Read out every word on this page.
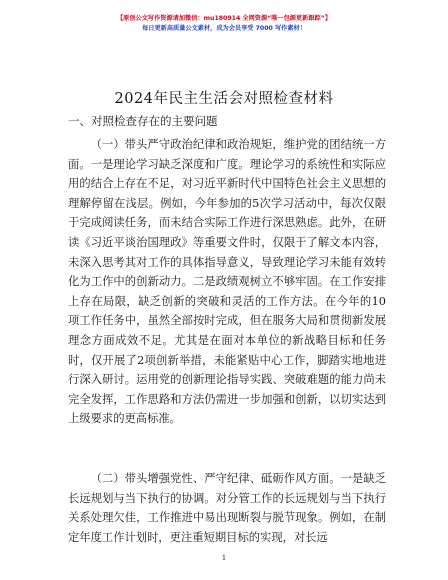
【原创公文写作资源请加微信：mu180914 全网资源“唯一包源更新跟踪”】
每日更新高质量公文素材，成为会员享受 7000 写作素材！
2024年民主生活会对照检查材料
一、对照检查存在的主要问题

（一）带头严守政治纪律和政治规矩，维护党的团结统一方面。一是理论学习缺乏深度和广度。理论学习的系统性和实际应用的结合上存在不足，对习近平新时代中国特色社会主义思想的理解停留在浅层。例如，今年参加的5次学习活动中，每次仅限于完成阅读任务，而未结合实际工作进行深思熟虑。此外，在研读《习近平谈治国理政》等重要文件时，仅限于了解文本内容，未深入思考其对工作的具体指导意义，导致理论学习未能有效转化为工作中的创新动力。二是政绩观树立不够牢固。在工作安排上存在局限，缺乏创新的突破和灵活的工作方法。在今年的10项工作任务中，虽然全部按时完成，但在服务大局和贯彻新发展理念方面成效不足。尤其是在面对本单位的新战略目标和任务时，仅开展了2项创新举措，未能紧贴中心工作，脚踏实地地进行深入研讨。运用党的创新理论指导实践、突破难题的能力尚未完全发挥，工作思路和方法仍需进一步加强和创新，以切实达到上级要求的更高标准。

（二）带头增强党性、严守纪律、砥砺作风方面。一是缺乏长远规划与当下执行的协调。对分管工作的长远规划与当下执行关系处理欠佳，工作推进中易出现断裂与脱节现象。例如，在制定年度工作计划时，更注重短期目标的实现，对长远

1
